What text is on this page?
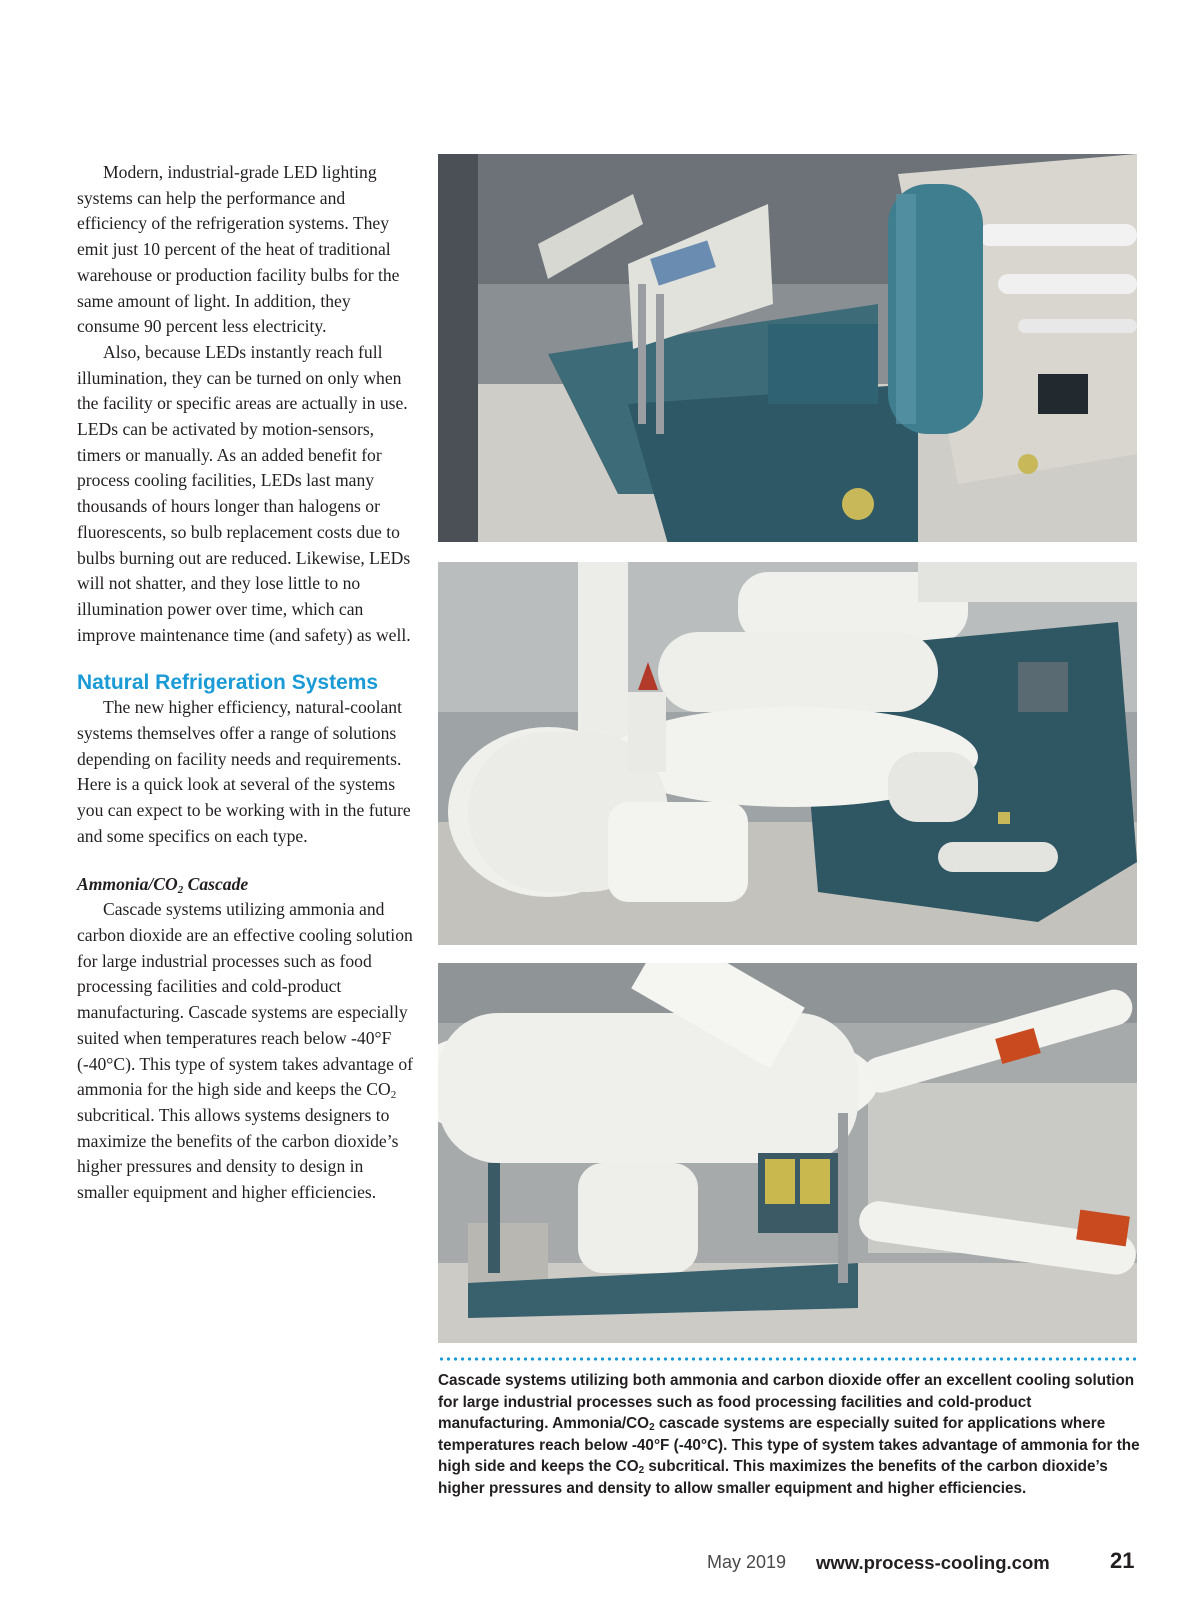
Modern, industrial-grade LED lighting systems can help the performance and efficiency of the refrigeration systems. They emit just 10 percent of the heat of traditional warehouse or production facility bulbs for the same amount of light. In addition, they consume 90 percent less electricity.

Also, because LEDs instantly reach full illumination, they can be turned on only when the facility or specific areas are actually in use. LEDs can be activated by motion-sensors, timers or manually. As an added benefit for process cooling facilities, LEDs last many thousands of hours longer than halogens or fluorescents, so bulb replacement costs due to bulbs burning out are reduced. Likewise, LEDs will not shatter, and they lose little to no illumination power over time, which can improve maintenance time (and safety) as well.

Natural Refrigeration Systems

The new higher efficiency, natural-coolant systems themselves offer a range of solutions depending on facility needs and requirements. Here is a quick look at several of the systems you can expect to be working with in the future and some specifics on each type.

Ammonia/$CO_2$ Cascade

Cascade systems utilizing ammonia and carbon dioxide are an effective cooling solution for large industrial processes such as food processing facilities and cold-product manufacturing. Cascade systems are especially suited when temperatures reach below -40°F (-40°C). This type of system takes advantage of ammonia for the high side and keeps the $CO_2$ subcritical. This allows systems designers to maximize the benefits of the carbon dioxide’s higher pressures and density to design in smaller equipment and higher efficiencies.

Cascade systems utilizing both ammonia and carbon dioxide offer an excellent cooling solution for large industrial processes such as food processing facilities and cold-product manufacturing. Ammonia/$CO_2$ cascade systems are especially suited for applications where temperatures reach below -40°F (-40°C). This type of system takes advantage of ammonia for the high side and keeps the $CO_2$ subcritical. This maximizes the benefits of the carbon dioxide’s higher pressures and density to allow smaller equipment and higher efficiencies.
May 2019 www.process-cooling.com	21
